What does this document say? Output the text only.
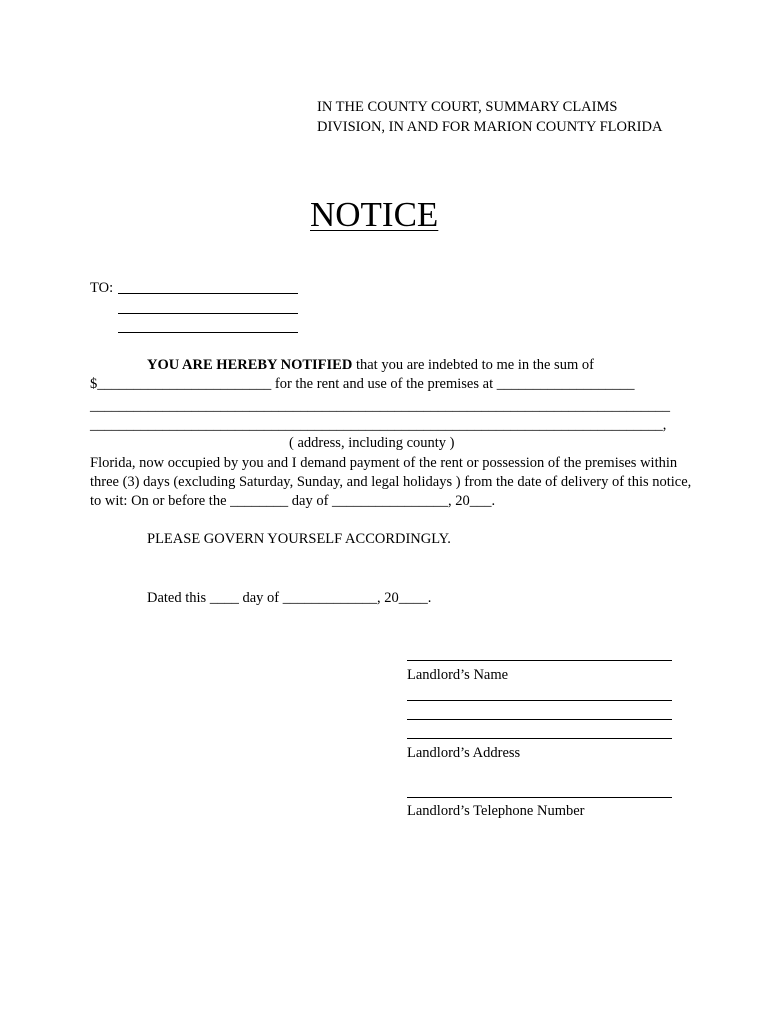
IN THE COUNTY COURT, SUMMARY CLAIMS
DIVISION, IN AND FOR MARION COUNTY FLORIDA
NOTICE
TO:
YOU ARE HEREBY NOTIFIED that you are indebted to me in the sum of
$________________________ for the rent and use of the premises at ___________________
________________________________________________________________________________
_______________________________________________________________________________,
( address, including county )
Florida, now occupied by you and I demand payment of the rent or possession of the premises within
three (3) days (excluding Saturday, Sunday, and legal holidays ) from the date of delivery of this notice,
to wit: On or before the ________ day of ________________, 20___.
PLEASE GOVERN YOURSELF ACCORDINGLY.
Dated this ____ day of _____________, 20____.
Landlord’s Name
Landlord’s Address
Landlord’s Telephone Number
